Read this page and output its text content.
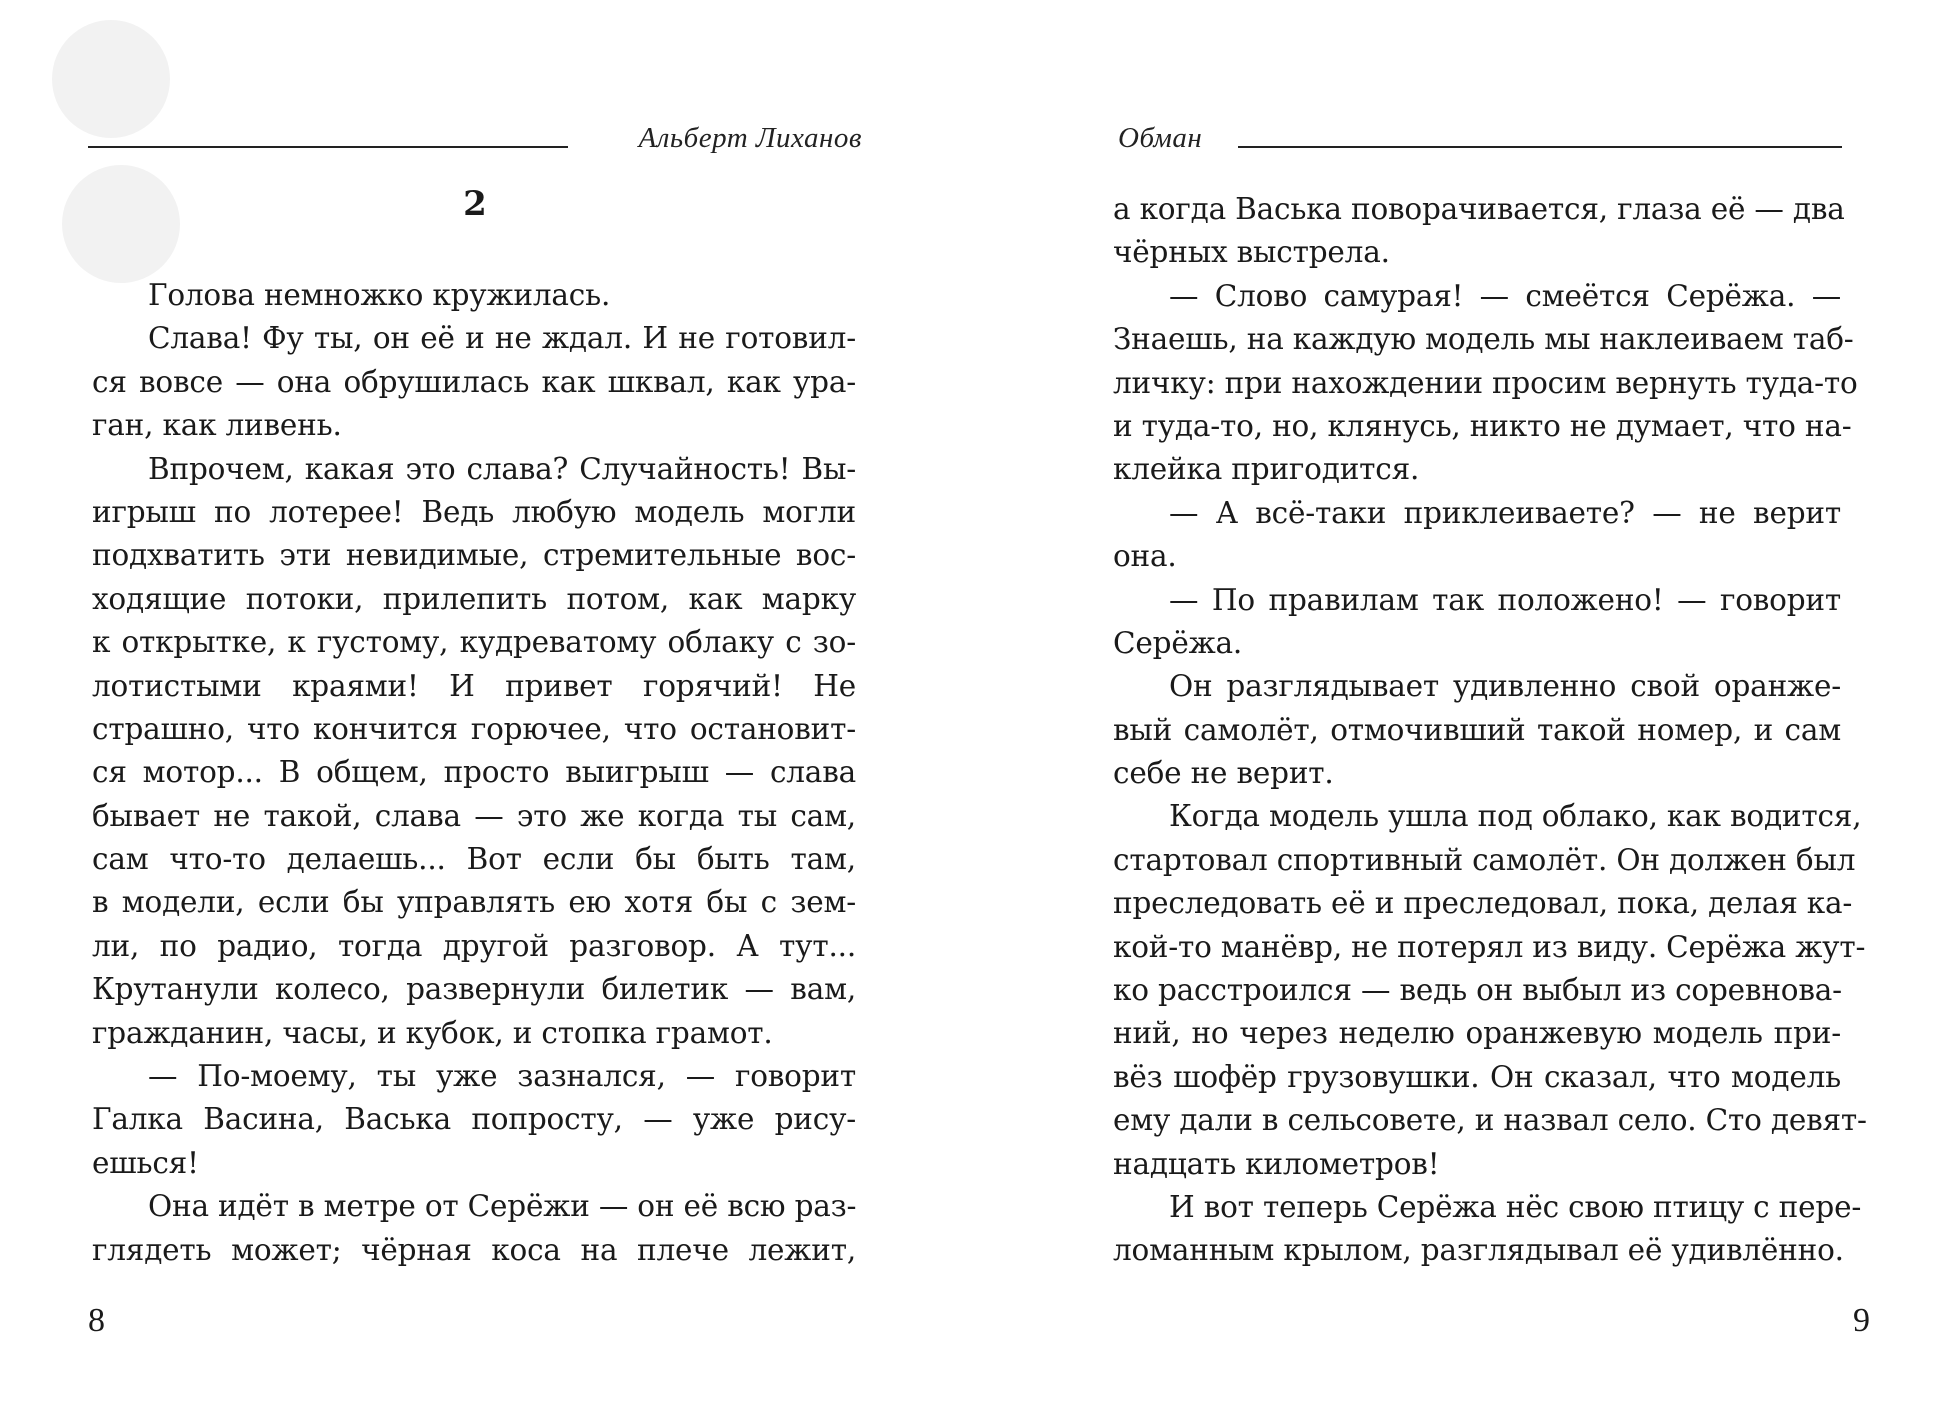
Альберт Лиханов
2
Голова немножко кружилась.
Слава! Фу ты, он её и не ждал. И не готовил-
ся вовсе — она обрушилась как шквал, как ура-
ган, как ливень.
Впрочем, какая это слава? Случайность! Вы-
игрыш по лотерее! Ведь любую модель могли
подхватить эти невидимые, стремительные вос-
ходящие потоки, прилепить потом, как марку
к открытке, к густому, кудреватому облаку с зо-
лотистыми краями! И привет горячий! Не
страшно, что кончится горючее, что остановит-
ся мотор... В общем, просто выигрыш — слава
бывает не такой, слава — это же когда ты сам,
сам что-то делаешь... Вот если бы быть там,
в модели, если бы управлять ею хотя бы с зем-
ли, по радио, тогда другой разговор. А тут...
Крутанули колесо, развернули билетик — вам,
гражданин, часы, и кубок, и стопка грамот.
— По-моему, ты уже зазнался, — говорит
Галка Васина, Васька попросту, — уже рису-
ешься!
Она идёт в метре от Серёжи — он её всю раз-
глядеть может; чёрная коса на плече лежит,
8
Обман
а когда Васька поворачивается, глаза её — два
чёрных выстрела.
— Слово самурая! — смеётся Серёжа. —
Знаешь, на каждую модель мы наклеиваем таб-
личку: при нахождении просим вернуть туда-то
и туда-то, но, клянусь, никто не думает, что на-
клейка пригодится.
— А всё-таки приклеиваете? — не верит
она.
— По правилам так положено! — говорит
Серёжа.
Он разглядывает удивленно свой оранже-
вый самолёт, отмочивший такой номер, и сам
себе не верит.
Когда модель ушла под облако, как водится,
стартовал спортивный самолёт. Он должен был
преследовать её и преследовал, пока, делая ка-
кой-то манёвр, не потерял из виду. Серёжа жут-
ко расстроился — ведь он выбыл из соревнова-
ний, но через неделю оранжевую модель при-
вёз шофёр грузовушки. Он сказал, что модель
ему дали в сельсовете, и назвал село. Сто девят-
надцать километров!
И вот теперь Серёжа нёс свою птицу с пере-
ломанным крылом, разглядывал её удивлённо.
9
